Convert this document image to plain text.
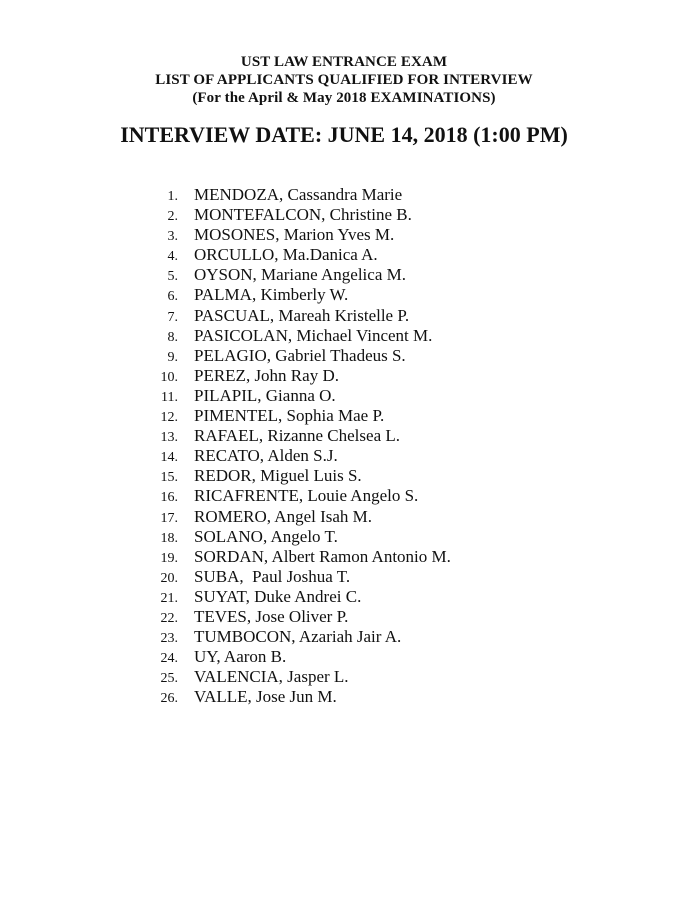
UST LAW ENTRANCE EXAM
LIST OF APPLICANTS QUALIFIED FOR INTERVIEW
(For the April & May 2018 EXAMINATIONS)
INTERVIEW DATE: JUNE 14, 2018 (1:00 PM)
1. MENDOZA, Cassandra Marie
2. MONTEFALCON, Christine B.
3. MOSONES, Marion Yves M.
4. ORCULLO, Ma.Danica A.
5. OYSON, Mariane Angelica M.
6. PALMA, Kimberly W.
7. PASCUAL, Mareah Kristelle P.
8. PASICOLAN, Michael Vincent M.
9. PELAGIO, Gabriel Thadeus S.
10. PEREZ, John Ray D.
11. PILAPIL, Gianna O.
12. PIMENTEL, Sophia Mae P.
13. RAFAEL, Rizanne Chelsea L.
14. RECATO, Alden S.J.
15. REDOR, Miguel Luis S.
16. RICAFRENTE, Louie Angelo S.
17. ROMERO, Angel Isah M.
18. SOLANO, Angelo T.
19. SORDAN, Albert Ramon Antonio M.
20. SUBA,  Paul Joshua T.
21. SUYAT, Duke Andrei C.
22. TEVES, Jose Oliver P.
23. TUMBOCON, Azariah Jair A.
24. UY, Aaron B.
25. VALENCIA, Jasper L.
26. VALLE, Jose Jun M.
